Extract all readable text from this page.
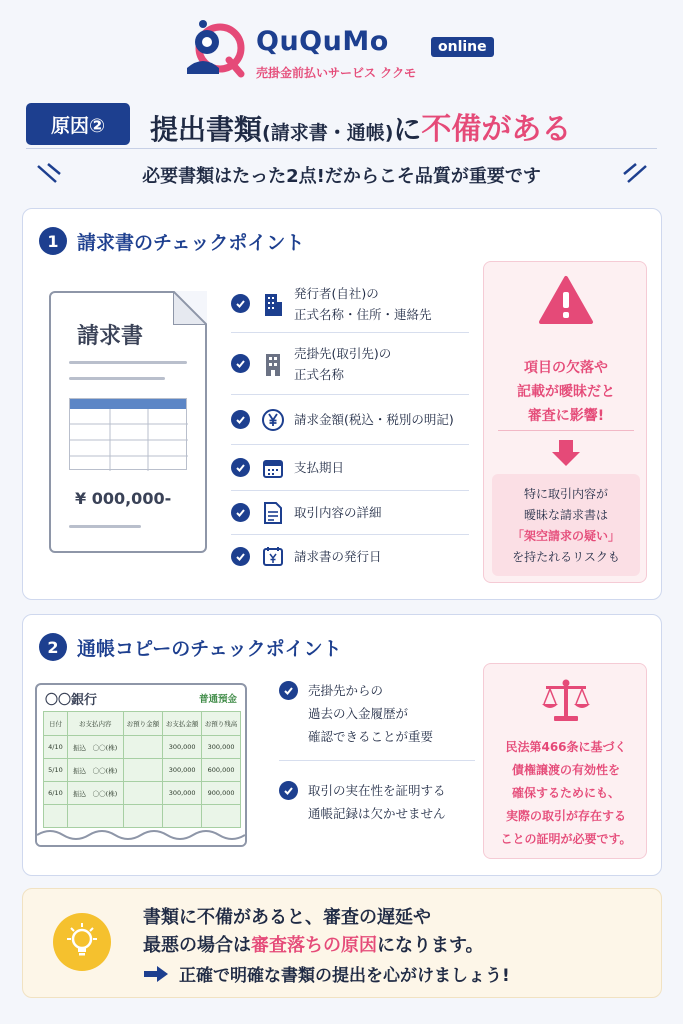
QuQuMo	online
売掛金前払いサービス ククモ
原因②	提出書類(請求書・通帳)に不備がある
必要書類はたった2点!だからこそ品質が重要です
1 請求書のチェックポイント
請求書
¥ 000,000-
発行者(自社)の
正式名称・住所・連絡先
売掛先(取引先)の
正式名称
請求金額(税込・税別の明記)
支払期日
取引内容の詳細
請求書の発行日
項目の欠落や
記載が曖昧だと
審査に影響!
特に取引内容が
曖昧な請求書は
「架空請求の疑い」
を持たれるリスクも
2 通帳コピーのチェックポイント
〇〇銀行	普通預金
日付	お支払内容	お預り金額	お支払金額	お預り残高
4/10	振込　〇〇(株)		300,000	300,000
5/10	振込　〇〇(株)		300,000	600,000
6/10	振込　〇〇(株)		300,000	900,000

売掛先からの
過去の入金履歴が
確認できることが重要
取引の実在性を証明する
通帳記録は欠かせません
民法第466条に基づく
債権譲渡の有効性を
確保するためにも、
実際の取引が存在する
ことの証明が必要です。
書類に不備があると、審査の遅延や
最悪の場合は審査落ちの原因になります。
正確で明確な書類の提出を心がけましょう!
